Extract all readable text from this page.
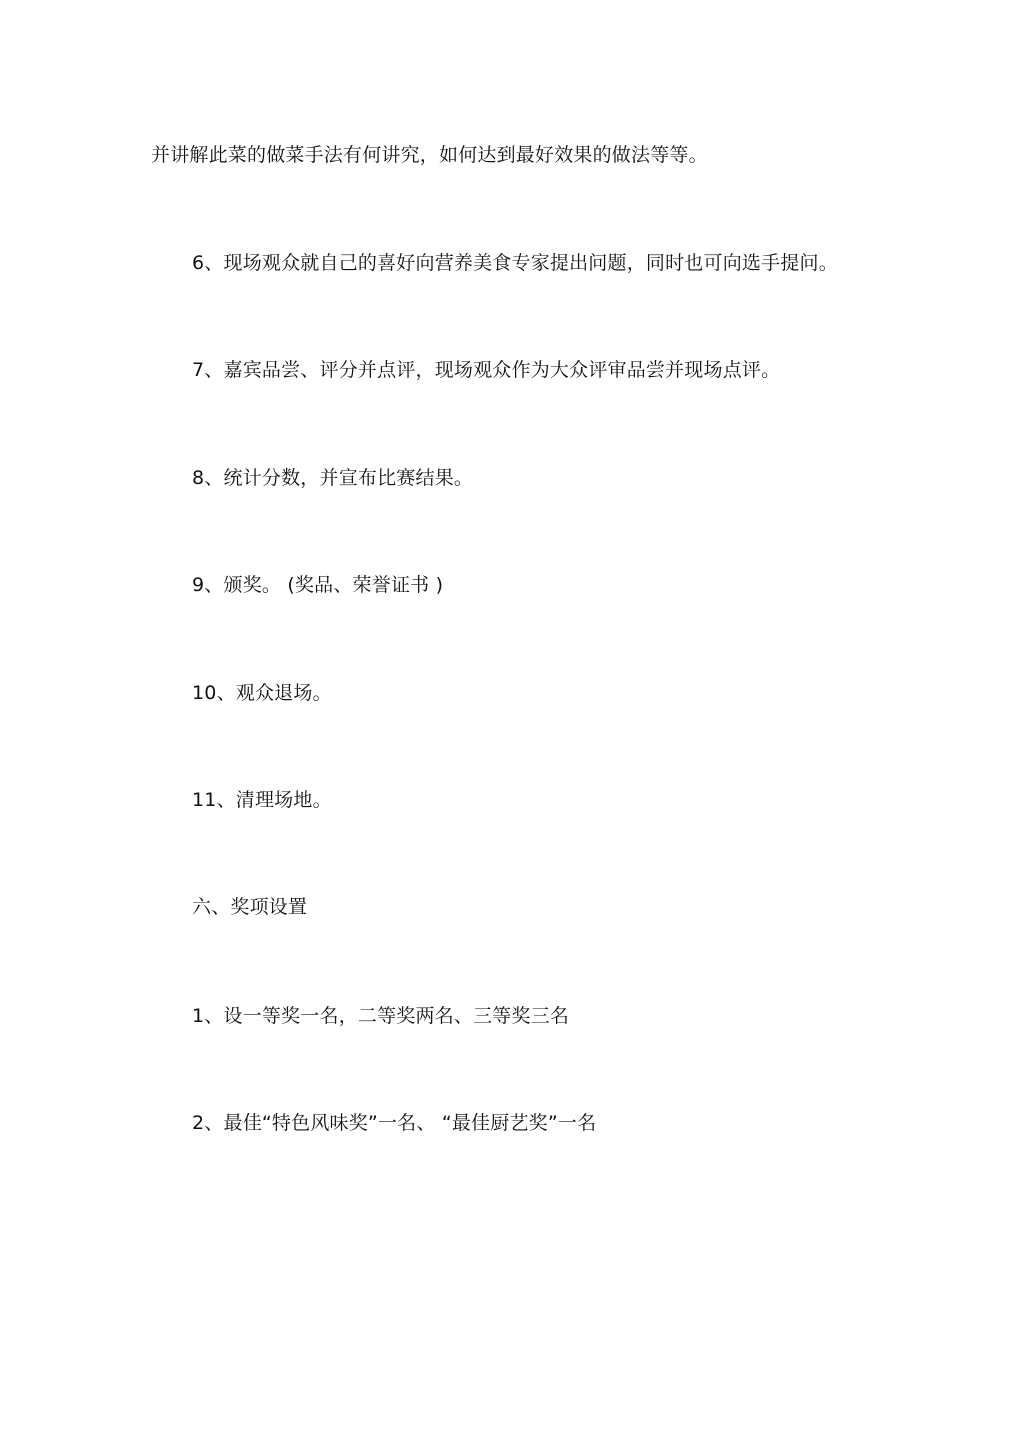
并讲解此菜的做菜手法有何讲究，如何达到最好效果的做法等等。
6、现场观众就自己的喜好向营养美食专家提出问题，同时也可向选手提问。
7、嘉宾品尝、评分并点评，现场观众作为大众评审品尝并现场点评。
8、统计分数，并宣布比赛结果。
9、颁奖。 (奖品、荣誉证书 )
10、观众退场。
11、清理场地。
六、奖项设置
1、设一等奖一名，二等奖两名、三等奖三名
2、最佳“特色风味奖”一名、 “最佳厨艺奖”一名
